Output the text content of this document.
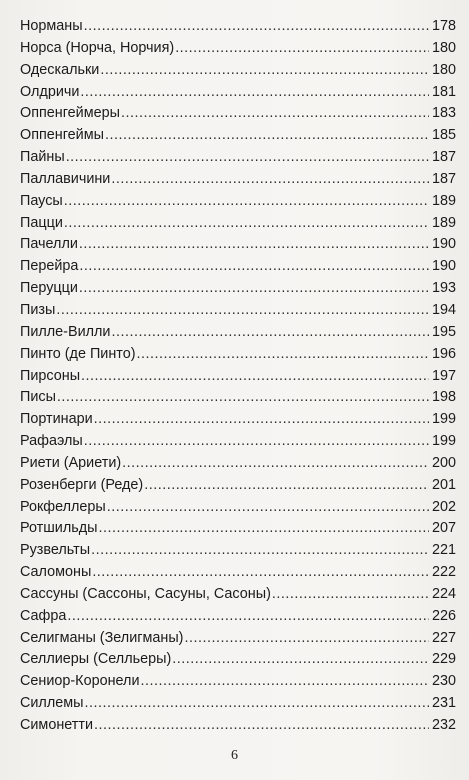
Норманы .....	178
Норса (Норча, Норчия) .....	180
Одескальки .....	180
Олдричи .....	181
Оппенгеймеры .....	183
Оппенгеймы .....	185
Пайны .....	187
Паллавичини .....	187
Паусы .....	189
Пацци .....	189
Пачелли .....	190
Перейра .....	190
Перуцци .....	193
Пизы .....	194
Пилле-Вилли .....	195
Пинто (де Пинто) .....	196
Пирсоны .....	197
Писы .....	198
Портинари .....	199
Рафаэлы .....	199
Риети (Ариети) .....	200
Розенберги (Реде) .....	201
Рокфеллеры .....	202
Ротшильды .....	207
Рузвельты .....	221
Саломоны .....	222
Сассуны (Сассоны, Сасуны, Сасоны) .....	224
Сафра .....	226
Селигманы (Зелигманы) .....	227
Селлиеры (Селльеры) .....	229
Сениор-Коронели .....	230
Силлемы .....	231
Симонетти .....	232
6
